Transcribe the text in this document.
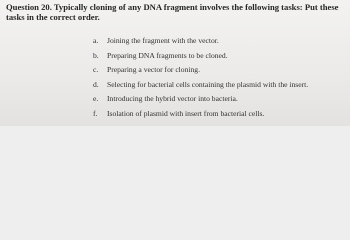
Question 20. Typically cloning of any DNA fragment involves the following tasks: Put these tasks in the correct order.
a. Joining the fragment with the vector.
b. Preparing DNA fragments to be cloned.
c. Preparing a vector for cloning.
d. Selecting for bacterial cells containing the plasmid with the insert.
e. Introducing the hybrid vector into bacteria.
f. Isolation of plasmid with insert from bacterial cells.
